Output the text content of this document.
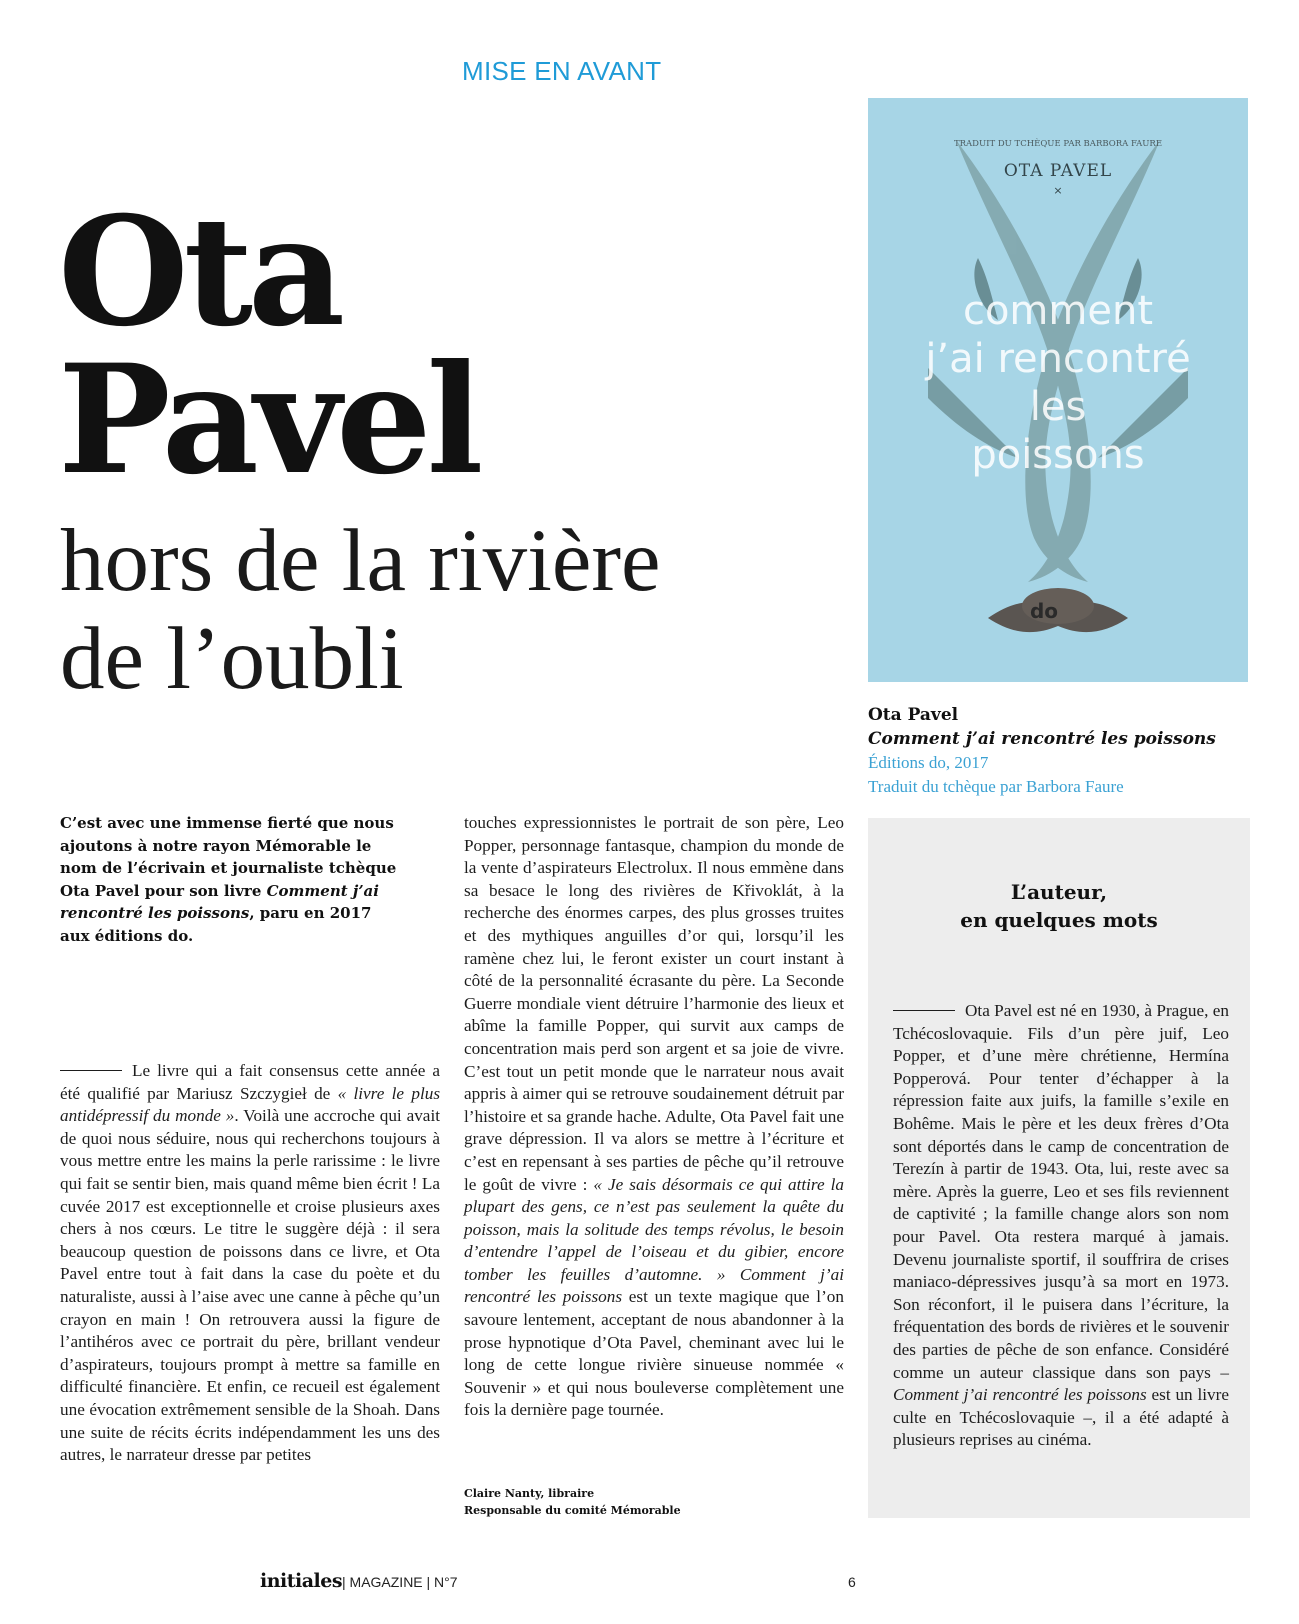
MISE EN AVANT
Ota
Pavel
hors de la rivière
de l’oubli
TRADUIT DU TCHÈQUE PAR BARBORA FAURE
OTA PAVEL
×
comment
j’ai rencontré
les
poissons
do
Ota Pavel
Comment j’ai rencontré les poissons
Éditions do, 2017
Traduit du tchèque par Barbora Faure
C’est avec une immense fierté que nous ajoutons à notre rayon Mémorable le nom de l’écrivain et journaliste tchèque Ota Pavel pour son livre Comment j’ai rencontré les poissons, paru en 2017 aux éditions do.
Le livre qui a fait consensus cette année a été qualifié par Mariusz Szczygieł de « livre le plus antidépressif du monde ». Voilà une accroche qui avait de quoi nous séduire, nous qui recherchons toujours à vous mettre entre les mains la perle rarissime : le livre qui fait se sentir bien, mais quand même bien écrit ! La cuvée 2017 est exceptionnelle et croise plusieurs axes chers à nos cœurs. Le titre le suggère déjà : il sera beaucoup question de poissons dans ce livre, et Ota Pavel entre tout à fait dans la case du poète et du naturaliste, aussi à l’aise avec une canne à pêche qu’un crayon en main ! On retrouvera aussi la figure de l’antihéros avec ce portrait du père, brillant vendeur d’aspirateurs, toujours prompt à mettre sa famille en difficulté financière. Et enfin, ce recueil est également une évocation extrêmement sensible de la Shoah. Dans une suite de récits écrits indépendamment les uns des autres, le narrateur dresse par petites
touches expressionnistes le portrait de son père, Leo Popper, personnage fantasque, champion du monde de la vente d’aspirateurs Electrolux. Il nous emmène dans sa besace le long des rivières de Křivoklát, à la recherche des énormes carpes, des plus grosses truites et des mythiques anguilles d’or qui, lorsqu’il les ramène chez lui, le feront exister un court instant à côté de la personnalité écrasante du père. La Seconde Guerre mondiale vient détruire l’harmonie des lieux et abîme la famille Popper, qui survit aux camps de concentration mais perd son argent et sa joie de vivre. C’est tout un petit monde que le narrateur nous avait appris à aimer qui se retrouve soudainement détruit par l’histoire et sa grande hache. Adulte, Ota Pavel fait une grave dépression. Il va alors se mettre à l’écriture et c’est en repensant à ses parties de pêche qu’il retrouve le goût de vivre : « Je sais désormais ce qui attire la plupart des gens, ce n’est pas seulement la quête du poisson, mais la solitude des temps révolus, le besoin d’entendre l’appel de l’oiseau et du gibier, encore tomber les feuilles d’automne. » Comment j’ai rencontré les poissons est un texte magique que l’on savoure lentement, acceptant de nous abandonner à la prose hypnotique d’Ota Pavel, cheminant avec lui le long de cette longue rivière sinueuse nommée « Souvenir » et qui nous bouleverse complètement une fois la dernière page tournée.
Claire Nanty, libraire
Responsable du comité Mémorable
L’auteur,
en quelques mots
Ota Pavel est né en 1930, à Prague, en Tchécoslovaquie. Fils d’un père juif, Leo Popper, et d’une mère chrétienne, Hermína Popperová. Pour tenter d’échapper à la répression faite aux juifs, la famille s’exile en Bohême. Mais le père et les deux frères d’Ota sont déportés dans le camp de concentration de Terezín à partir de 1943. Ota, lui, reste avec sa mère. Après la guerre, Leo et ses fils reviennent de captivité ; la famille change alors son nom pour Pavel. Ota restera marqué à jamais. Devenu journaliste sportif, il souffrira de crises maniaco-dépressives jusqu’à sa mort en 1973. Son réconfort, il le puisera dans l’écriture, la fréquentation des bords de rivières et le souvenir des parties de pêche de son enfance. Considéré comme un auteur classique dans son pays – Comment j’ai rencontré les poissons est un livre culte en Tchécoslovaquie –, il a été adapté à plusieurs reprises au cinéma.
initiales | MAGAZINE | N°7	6
